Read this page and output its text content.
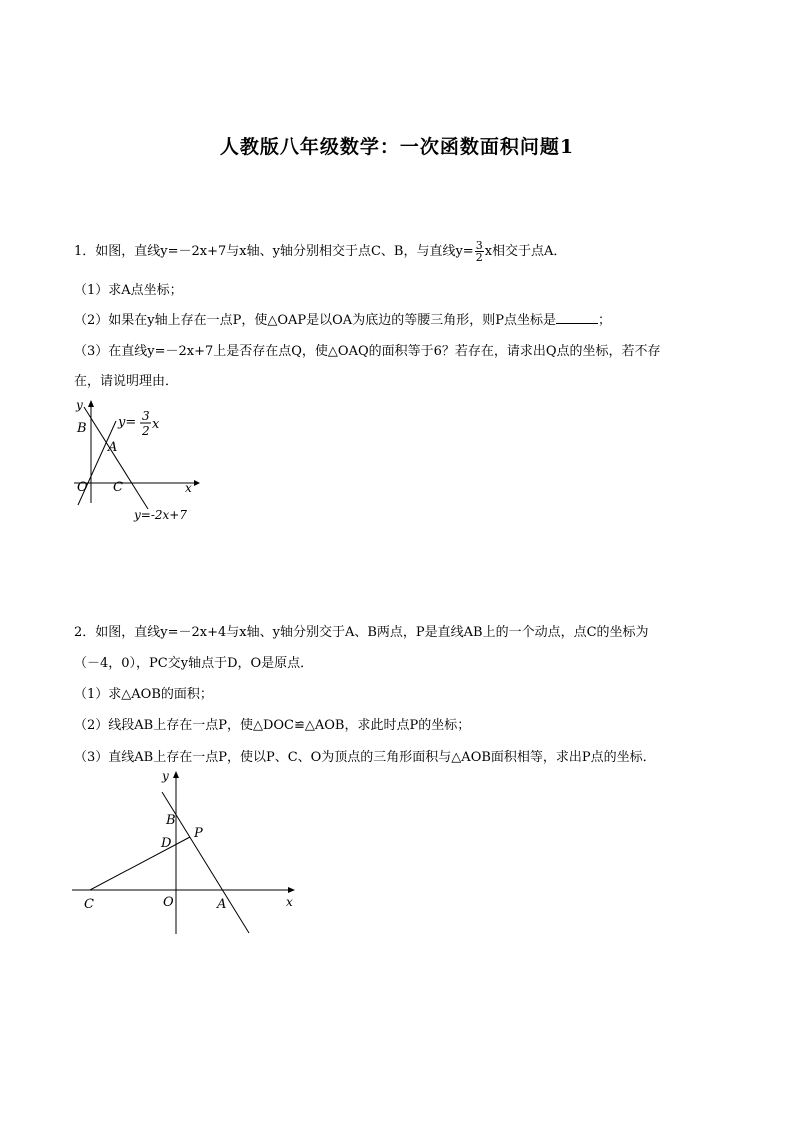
人教版八年级数学：一次函数面积问题1
1．如图，直线y=－2x+7与x轴、y轴分别相交于点C、B，与直线$y= \frac{3}{2}$ x相交于点A．
（1）求A点坐标；
（2）如果在y轴上存在一点P，使△OAP是以OA为底边的等腰三角形，则P点坐标是	；
（3）在直线y=－2x+7上是否存在点Q，使△OAQ的面积等于6？若存在，请求出Q点的坐标，若不存
在，请说明理由．
y
B
A
O C	x
y=-2x+7
y= 3
2 x
2．如图，直线y=－2x+4与x轴、y轴分别交于A、B两点，P是直线AB上的一个动点，点C的坐标为
（－4，0），PC交y轴点于D，O是原点．
（1）求△AOB的面积；
（2）线段AB上存在一点P，使△DOC≌△AOB，求此时点P的坐标；
（3）直线AB上存在一点P，使以P、C、O为顶点的三角形面积与△AOB面积相等，求出P点的坐标．
y
B
P
D
C	O	A	x
